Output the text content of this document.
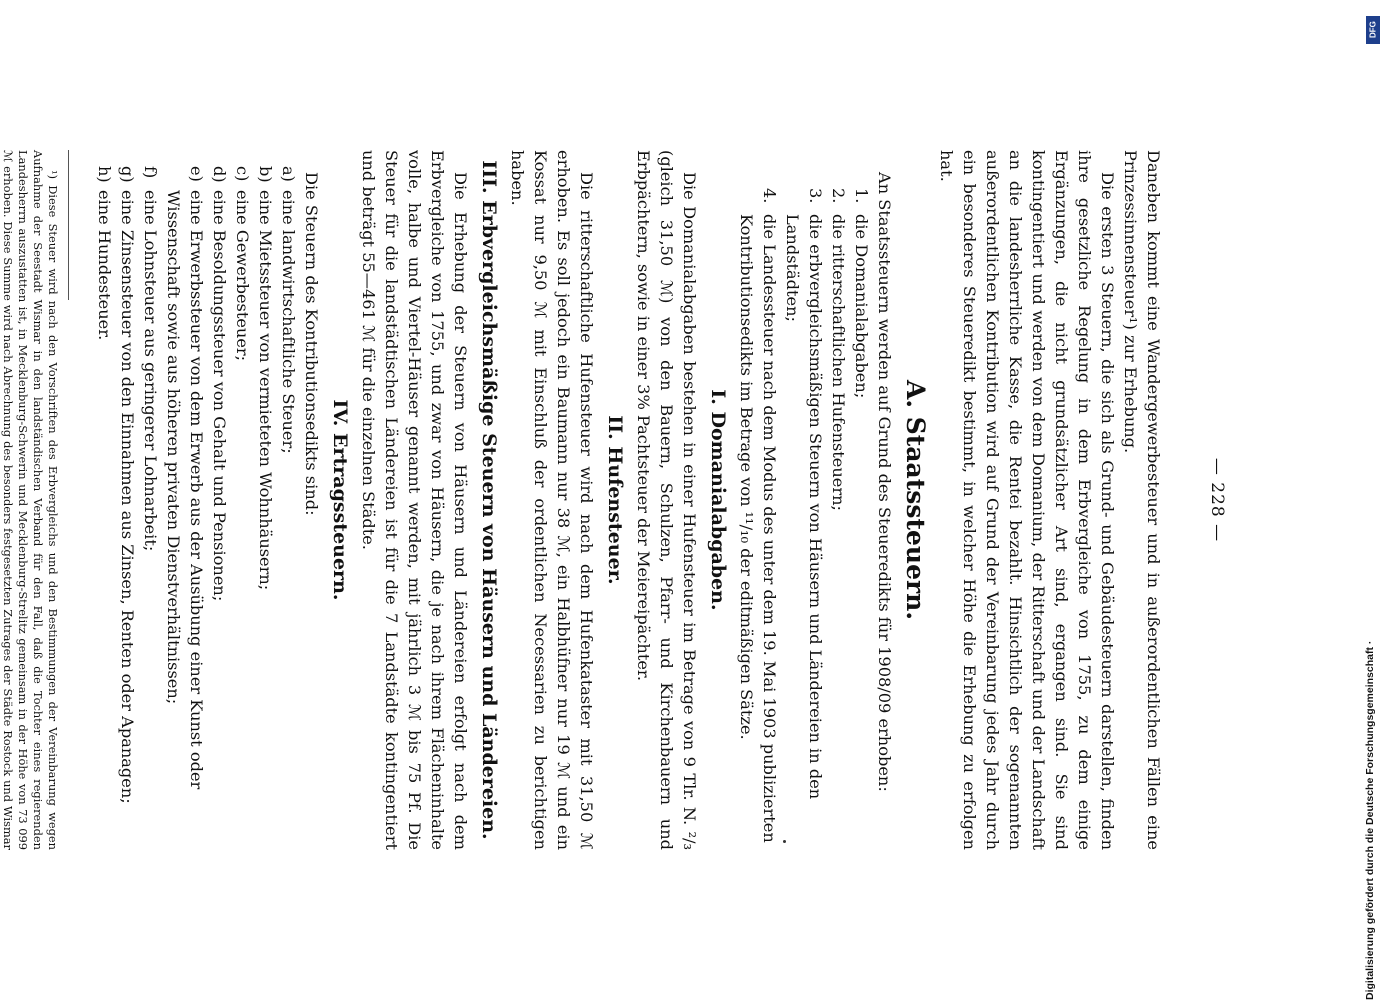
— 228 —

Daneben kommt eine Wandergewerbesteuer und in außerordentlichen Fällen eine Prinzessinnensteuer¹) zur Erhebung.

Die ersten 3 Steuern, die sich als Grund- und Gebäudesteuern darstellen, finden ihre gesetzliche Regelung in dem Erbvergleiche von 1755, zu dem einige Ergänzungen, die nicht grundsätzlicher Art sind, ergangen sind. Sie sind kontingentiert und werden von dem Domanium, der Ritterschaft und der Landschaft an die landesherrliche Kasse, die Rentei bezahlt. Hinsichtlich der sogenannten außerordentlichen Kontribution wird auf Grund der Vereinbarung jedes Jahr durch ein besonderes Steueredikt bestimmt, in welcher Höhe die Erhebung zu erfolgen hat.

A. Staatssteuern.

An Staatssteuern werden auf Grund des Steueredikts für 1908/09 erhoben:

1.die Domanialabgaben;
2.die ritterschaftlichen Hufensteuern;
3.die erbvergleichsmäßigen Steuern von Häusern und Ländereien in den Landstädten;
4.die Landessteuer nach dem Modus des unter dem 19. Mai 1903 publizierten Kontributionsedikts im Betrage von ¹¹/₁₀ der editmäßigen Sätze.
I. Domanialabgaben.

Die Domanialabgaben bestehen in einer Hufensteuer im Betrage von 9 Tlr. N. ²/₃ (gleich 31,50 ℳ) von den Bauern, Schulzen, Pfarr- und Kirchenbauern und Erbpächtern, sowie in einer 3% Pachtsteuer der Meiereipächter.

II. Hufensteuer.

Die ritterschaftliche Hufensteuer wird nach dem Hufenkataster mit 31,50 ℳ erhoben. Es soll jedoch ein Baumann nur 38 ℳ, ein Halbhüfner nur 19 ℳ und ein Kossat nur 9,50 ℳ mit Einschluß der ordentlichen Necessarien zu berichtigen haben.

III. Erbvergleichsmäßige Steuern von Häusern und Ländereien.

Die Erhebung der Steuern von Häusern und Ländereien erfolgt nach dem Erbvergleiche von 1755, und zwar von Häusern, die je nach ihrem Flächeninhalte volle, halbe und Viertel-Häuser genannt werden, mit jährlich 3 ℳ bis 75 Pf. Die Steuer für die landstädtischen Ländereien ist für die 7 Landstädte kontingentiert und beträgt 55—461 ℳ für die einzelnen Städte.

IV. Ertragssteuern.

Die Steuern des Kontributionsedikts sind:

a)eine landwirtschaftliche Steuer;
b)eine Mietssteuer von vermieteten Wohnhäusern;
c)eine Gewerbesteuer;
d)eine Besoldungssteuer von Gehalt und Pensionen;
e)eine Erwerbssteuer von dem Erwerb aus der Ausübung einer Kunst oder Wissenschaft sowie aus höheren privaten Dienstverhältnissen;
f)eine Lohnsteuer aus geringerer Lohnarbeit;
g)eine Zinsensteuer von den Einnahmen aus Zinsen, Renten oder Apanagen;
h)eine Hundesteuer.

¹) Diese Steuer wird nach den Vorschriften des Erbvergleichs und den Bestimmungen der Vereinbarung wegen Aufnahme der Seestadt Wismar in den landständischen Verband für den Fall, daß die Tochter eines regierenden Landesherrn auszustatten ist, in Mecklenburg-Schwerin und Mecklenburg-Strelitz gemeinsam in der Höhe von 73 099 ℳ erhoben. Diese Summe wird nach Abrechnung des besonders festgesetzten Zutrages der Städte Rostock und Wismar

DFG
Digitalisierung gefördert durch die Deutsche Forschungsgemeinschaft ·
